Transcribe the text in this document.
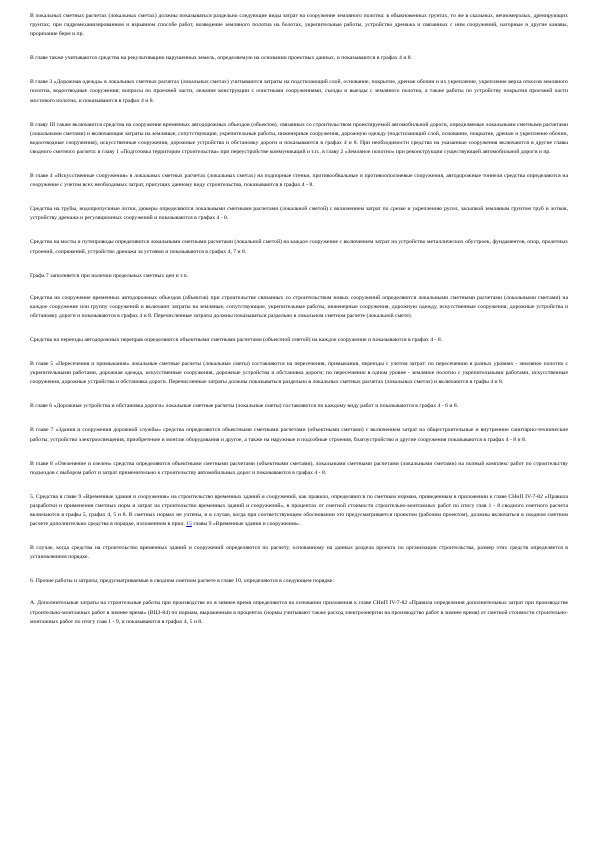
В локальных сметных расчетах (локальных сметах) должны показываться раздельно следующие виды затрат на сооружение земляного полотна: в обыкновенных грунтах, то же в скальных, вечномерзлых, дренирующих грунтах; при гидромеханизированном и взрывном способе работ, возведение земляного полотна на болотах, укрепительные работы, устройство дренажа и связанных с ним сооружений, нагорные и другие канавы, прорезание берм и пр.

В главе также учитываются средства на рекультивацию нарушенных земель, определяемую на основании проектных данных, и показываются в графах 4 и 8.

В главе 3 «Дорожная одежда» в локальных сметных расчетах (локальных сметах) учитываются затраты на подстилающий слой, основание, покрытие, дренаж обочин и их укрепление, укрепление верха откосов земляного полотна, водоотводные сооружения; вопросы по проезжей части, лежачие конструкции с очистными сооружениями, съезды и выезды с земляного полотна, а также работы по устройству покрытия проезжей части мостового полотна, и показываются в графах 4 и 8.

В главу III также включаются средства на сооружение временных автодорожных объездов (объектов), связанных со строительством проектируемой автомобильной дороги, определяемые локальными сметными расчетами (локальными сметами) и включающие затраты на земляные, сопутствующие, укрепительные работы, инженерные сооружения, дорожную одежду (подстилающий слой, основание, покрытие, дренаж и укрепление обочин, водоотводные сооружения), искусственные сооружения, дорожные устройства и обстановку дороги и показываются в графах 4 и 8. При необходимости средства на указанные сооружения включаются в другие главы сводного сметного расчета: в главу 1 «Подготовка территории строительства» при переустройстве коммуникаций и т.п., в главу 2 «Земляное полотно» при реконструкции существующей автомобильной дороги и пр.

В главе 4 «Искусственные сооружения» в локальных сметных расчетах (локальных сметах) на подпорные стенки, противообвальные и противооползневые сооружения, автодорожные тоннели средства определяются на сооружение с учетом всех необходимых затрат, присущих данному виду строительства, показываются в графах 4 - 8.

Средства на трубы, водопропускные лотки, дюкеры определяются локальными сметными расчетами (локальной сметой) с включением затрат по срезке и укреплению русел, засыпкой земляным грунтом труб и лотков, устройству дренажа и регуляционных сооружений и показываются в графах 4 - 8.

Средства на мосты и путепроводы определяются локальными сметными расчетами (локальной сметой) на каждое сооружение с включением затрат на устройство металлических обустроек, фундаментов, опор, пролетных строений, сопряжений, устройство дренажа за устоями и показываются в графах 4, 7 и 8.

Графа 7 заполняется при наличии предельных сметных цен и т.п.

Средства на сооружение временных автодорожных объездов (объектов) при строительстве связанных со строительством новых сооружений определяются локальными сметными расчетами (локальными сметами) на каждое сооружение или группу сооружений и включают затраты на земляные, сопутствующие, укрепительные работы, инженерные сооружения, дорожную одежду, искусственные сооружения, дорожные устройства и обстановку дороги и показываются в графах 4 и 8. Перечисленные затраты должны показываться раздельно в локальном сметном расчете (локальной смете).

Средства на переезды автодорожных переправ определяются объектными сметными расчетами (объектной сметой) на каждое сооружение и показываются в графах 4 - 8.

В главе 5 «Пересечения и примыкания» локальные сметные расчеты (локальные сметы) составляются на пересечения, примыкания, переезды с учетом затрат: по пересечению в разных уровнях - земляное полотно с укрепительными работами, дорожная одежда, искусственные сооружения, дорожные устройства и обстановка дороги; по пересечению в одном уровне - земляное полотно с укрепительными работами, искусственные сооружения, дорожные устройства и обстановка дороги. Перечисленные затраты должны показываться раздельно в локальных сметных расчетах (локальных сметах) и включаются в графы 4 и 8.

В главе 6 «Дорожные устройства и обстановка дороги» локальные сметные расчеты (локальные сметы) составляются по каждому виду работ и показываются в графах 4 - 6 и 8.

В главе 7 «Здания и сооружения дорожной службы» средства определяются объектными сметными расчетами (объектными сметами) с включением затрат на общестроительные и внутренние санитарно-технические работы, устройство электроосвещения, приобретение и монтаж оборудования и другое, а также на наружные и подсобные строения, благоустройство и другие сооружения показываются в графах 4 - 8 и 8.

В главе 8 «Озеленение и озелен» средства определяются объектными сметными расчетами (объектными сметами), локальными сметными расчетами (локальными сметами) на полный комплекс работ по строительству подъездов с выбором работ и затрат применительно к строительству автомобильных дорог и показываются в графах 4 - 8.

5. Средства в главе 9 «Временные здания и сооружения» на строительство временных зданий и сооружений, как правило, определяются по сметным нормам, приведенным в приложении к главе СНиП IV-7-82 «Правила разработки и применения сметных норм и затрат на строительство временных зданий и сооружений», в процентах от сметной стоимости строительно-монтажных работ по итогу глав 1 - 8 сводного сметного расчета включаются в графы 5, графах 4, 5 и 8. В сметных нормах не учтены, и в случае, когда при соответствующем обосновании это предусматривается проектом (рабочим проектом), должны включаться в сводном сметном расчете дополнительно средства в порядке, изложенном в прил. 15 главы 9 «Временные здания и сооружения».

В случае, когда средства на строительство временных зданий и сооружений определяются по расчету, основанному на данных раздела проекта по организации строительства, размер этих средств определяется в установленном порядке.

6. Прочие работы и затраты, предусматриваемые в сводном сметном расчете в главе 10, определяются в следующем порядке:

А. Дополнительные затраты на строительные работы при производстве их в зимнее время определяются на основании приложения к главе СНиП IV-7-82 «Правила определения дополнительных затрат при производстве строительно-монтажных работ в зимнее время» (ВЦЗ-84) по нормам, выраженным в процентах (нормы учитывают также расход электроэнергии на производство работ в зимнее время) от сметной стоимости строительно-монтажных работ по итогу глав 1 - 9, и показываются в графах 4, 5 и 8.
